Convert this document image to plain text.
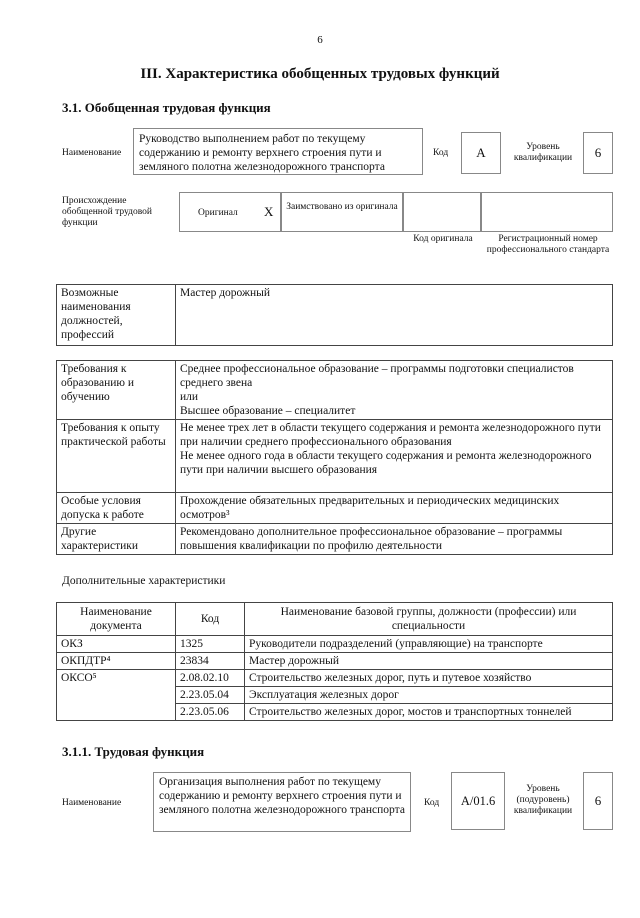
6
III. Характеристика обобщенных трудовых функций
3.1. Обобщенная трудовая функция
Наименование
Руководство выполнением работ по текущему содержанию и ремонту верхнего строения пути и земляного полотна железнодорожного транспорта
Код	А	Уровень квалификации	6
Происхождение обобщенной трудовой функции
Оригинал X	Заимствовано из оригинала
Код оригинала	Регистрационный номер профессионального стандарта
Возможные наименования должностей, профессий	Мастер дорожный
Требования к образованию и обучению	Среднее профессиональное образование – программы подготовки специалистов среднего звена
или
Высшее образование – специалитет
Требования к опыту практической работы	Не менее трех лет в области текущего содержания и ремонта железнодорожного пути при наличии среднего профессионального образования
Не менее одного года в области текущего содержания и ремонта железнодорожного пути при наличии высшего образования
Особые условия допуска к работе	Прохождение обязательных предварительных и периодических медицинских осмотров³
Другие характеристики	Рекомендовано дополнительное профессиональное образование – программы повышения квалификации по профилю деятельности
Дополнительные характеристики
Наименование документа	Код	Наименование базовой группы, должности (профессии) или специальности
ОКЗ	1325	Руководители подразделений (управляющие) на транспорте
ОКПДТР⁴	23834	Мастер дорожный
ОКСО⁵	2.08.02.10	Строительство железных дорог, путь и путевое хозяйство
	2.23.05.04	Эксплуатация железных дорог
	2.23.05.06	Строительство железных дорог, мостов и транспортных тоннелей
3.1.1. Трудовая функция
Наименование
Организация выполнения работ по текущему содержанию и ремонту верхнего строения пути и земляного полотна железнодорожного транспорта
Код	А/01.6
Уровень (подуровень) квалификации
6
